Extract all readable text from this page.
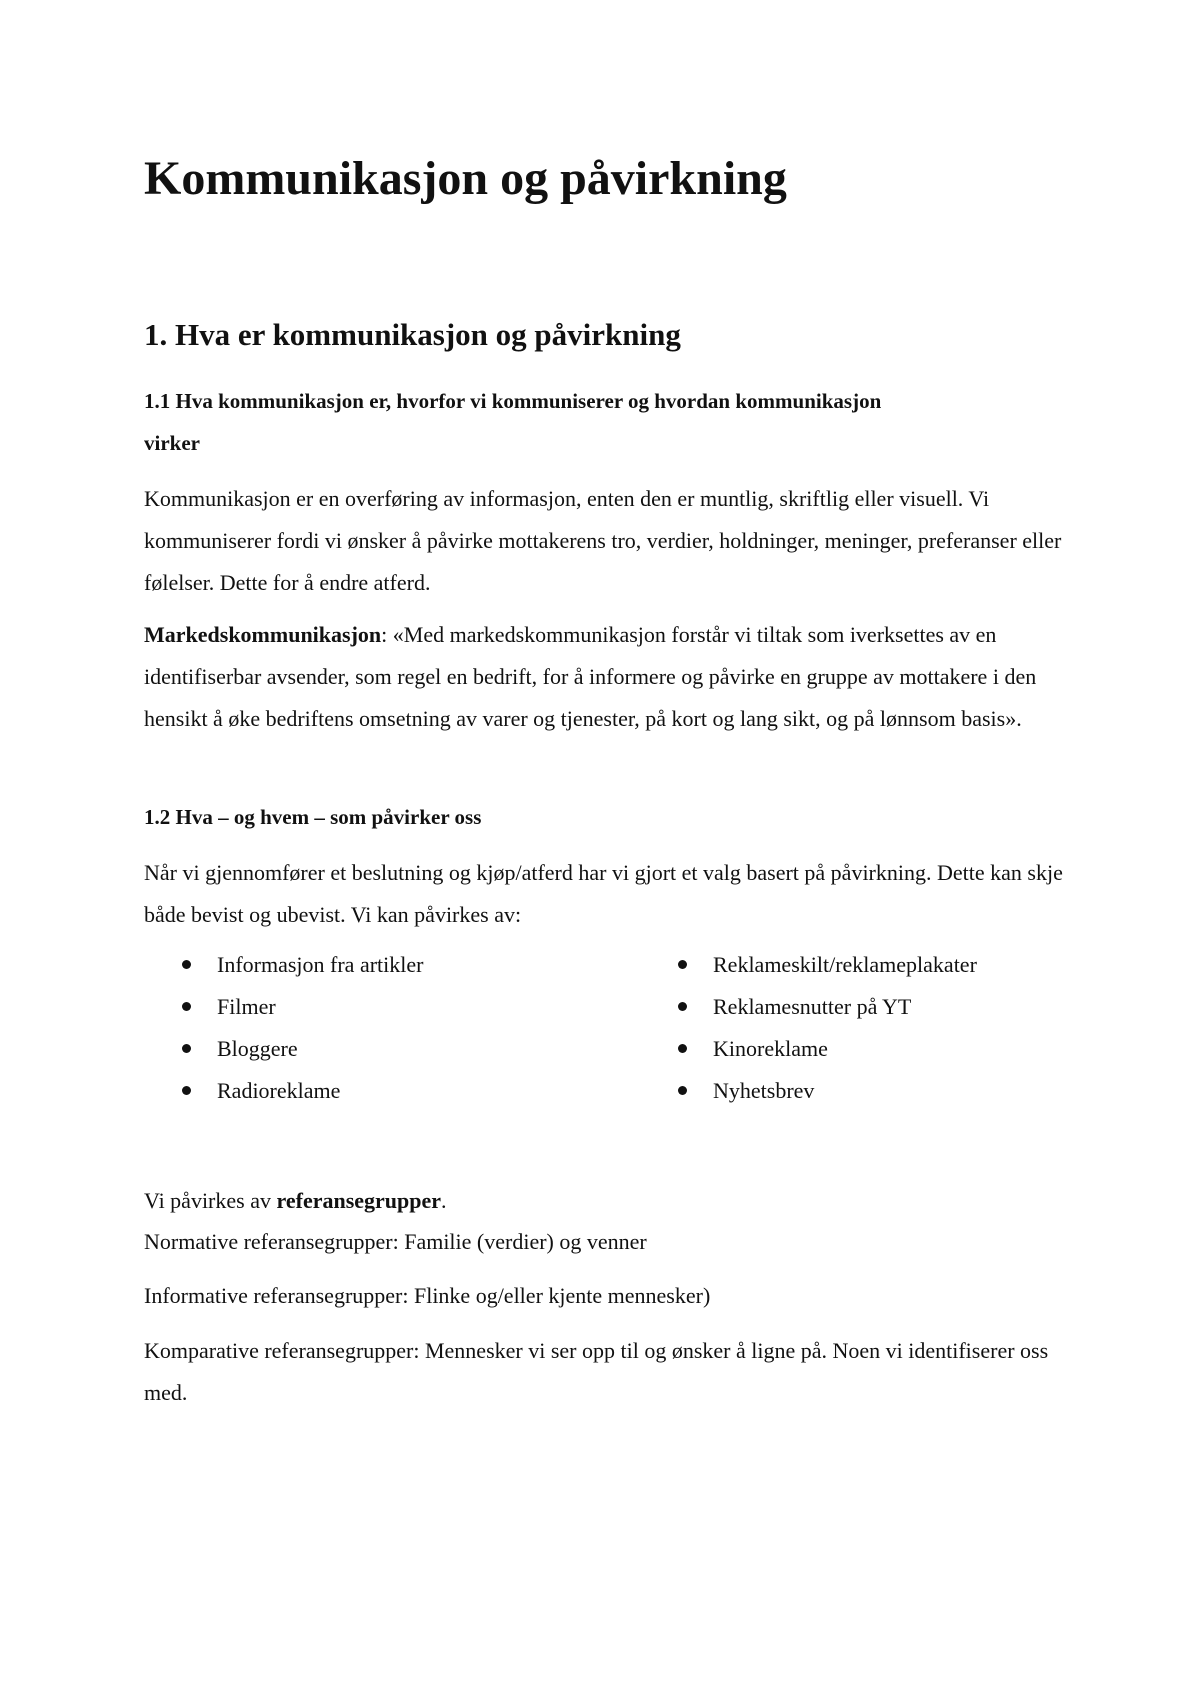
Kommunikasjon og påvirkning
1. Hva er kommunikasjon og påvirkning
1.1 Hva kommunikasjon er, hvorfor vi kommuniserer og hvordan kommunikasjon
virker

Kommunikasjon er en overføring av informasjon, enten den er muntlig, skriftlig eller visuell. Vi kommuniserer fordi vi ønsker å påvirke mottakerens tro, verdier, holdninger, meninger, preferanser eller følelser. Dette for å endre atferd.

Markedskommunikasjon: «Med markedskommunikasjon forstår vi tiltak som iverksettes av en identifiserbar avsender, som regel en bedrift, for å informere og påvirke en gruppe av mottakere i den hensikt å øke bedriftens omsetning av varer og tjenester, på kort og lang sikt, og på lønnsom basis».

1.2 Hva – og hvem – som påvirker oss

Når vi gjennomfører et beslutning og kjøp/atferd har vi gjort et valg basert på påvirkning. Dette kan skje både bevist og ubevist. Vi kan påvirkes av:

Informasjon fra artikler
Filmer
Bloggere
Radioreklame
Reklameskilt/reklameplakater
Reklamesnutter på YT
Kinoreklame
Nyhetsbrev

Vi påvirkes av referansegrupper.

Normative referansegrupper: Familie (verdier) og venner

Informative referansegrupper: Flinke og/eller kjente mennesker)

Komparative referansegrupper: Mennesker vi ser opp til og ønsker å ligne på. Noen vi identifiserer oss med.
